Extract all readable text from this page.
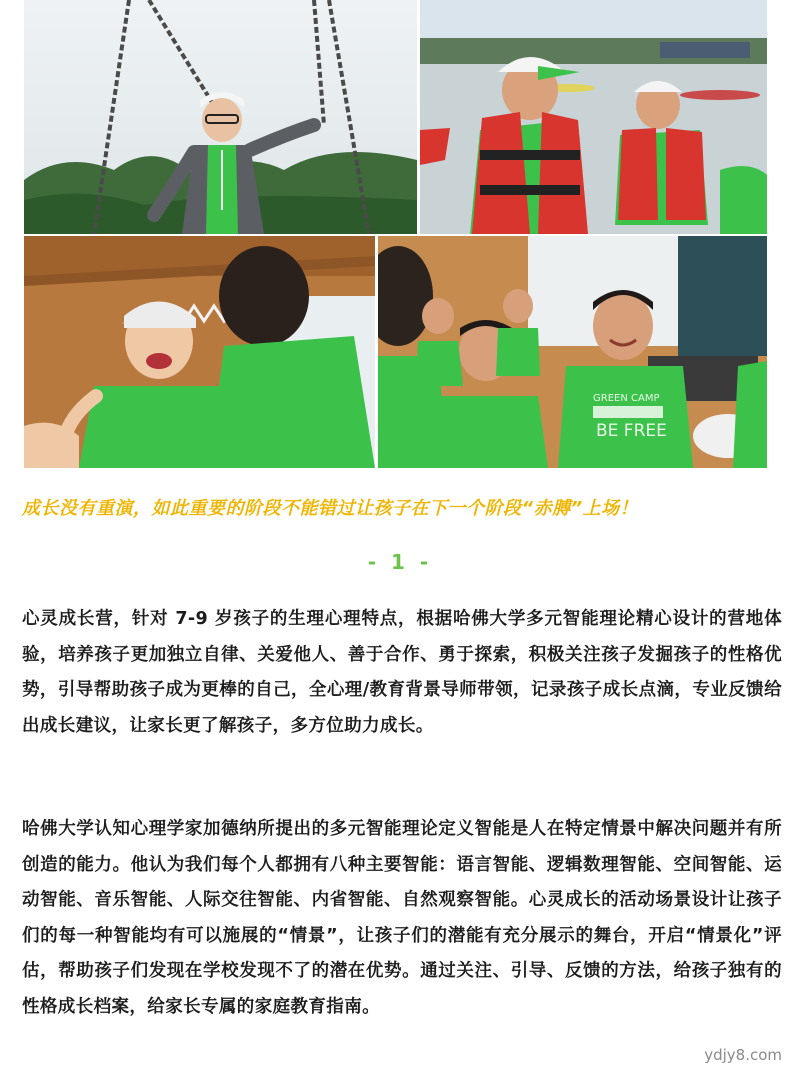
GREEN CAMP
BE FREE
成长没有重演，如此重要的阶段不能错过让孩子在下一个阶段“赤膊”上场！
- 1 -
心灵成长营，针对 7-9 岁孩子的生理心理特点，根据哈佛大学多元智能理论精心设计的营地体验，培养孩子更加独立自律、关爱他人、善于合作、勇于探索，积极关注孩子发掘孩子的性格优势，引导帮助孩子成为更棒的自己，全心理/教育背景导师带领，记录孩子成长点滴，专业反馈给出成长建议，让家长更了解孩子，多方位助力成长。
哈佛大学认知心理学家加德纳所提出的多元智能理论定义智能是人在特定情景中解决问题并有所创造的能力。他认为我们每个人都拥有八种主要智能：语言智能、逻辑数理智能、空间智能、运动智能、音乐智能、人际交往智能、内省智能、自然观察智能。心灵成长的活动场景设计让孩子们的每一种智能均有可以施展的“情景”，让孩子们的潜能有充分展示的舞台，开启“情景化”评估，帮助孩子们发现在学校发现不了的潜在优势。通过关注、引导、反馈的方法，给孩子独有的性格成长档案，给家长专属的家庭教育指南。
ydjy8.com
